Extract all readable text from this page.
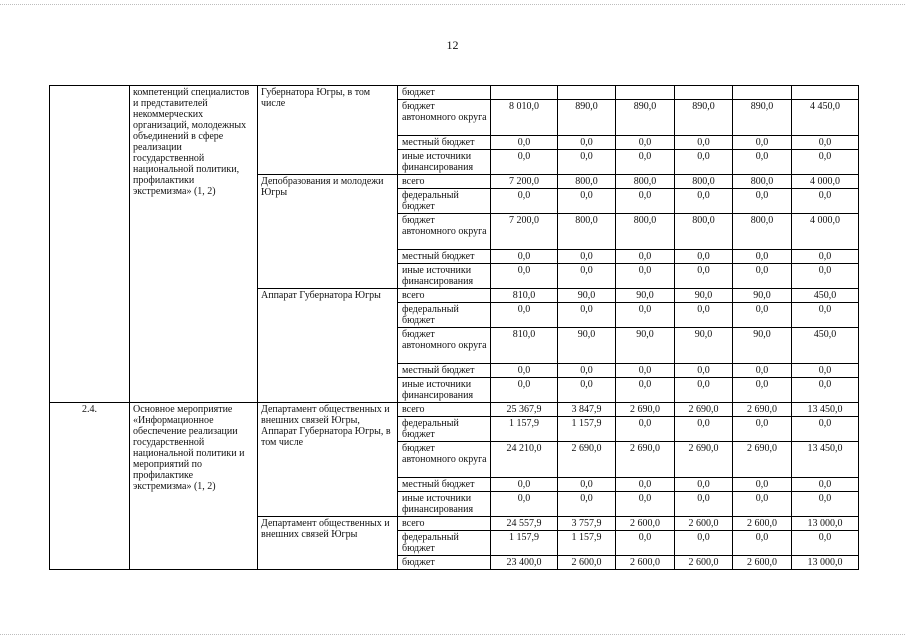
12
	компетенций специалистов и представителей некоммерческих организаций, молодежных объединений в сфере реализации государственной национальной политики, профилактики экстремизма» (1, 2)	Губернатора Югры, в том числе	бюджет						
			бюджет автономного округа	8 010,0	890,0	890,0	890,0	890,0	4 450,0
			местный бюджет	0,0	0,0	0,0	0,0	0,0	0,0
			иные источники финансирования	0,0	0,0	0,0	0,0	0,0	0,0
		Депобразования и молодежи Югры	всего	7 200,0	800,0	800,0	800,0	800,0	4 000,0
			федеральный бюджет	0,0	0,0	0,0	0,0	0,0	0,0
			бюджет автономного округа	7 200,0	800,0	800,0	800,0	800,0	4 000,0
			местный бюджет	0,0	0,0	0,0	0,0	0,0	0,0
			иные источники финансирования	0,0	0,0	0,0	0,0	0,0	0,0
		Аппарат Губернатора Югры	всего	810,0	90,0	90,0	90,0	90,0	450,0
			федеральный бюджет	0,0	0,0	0,0	0,0	0,0	0,0
			бюджет автономного округа	810,0	90,0	90,0	90,0	90,0	450,0
			местный бюджет	0,0	0,0	0,0	0,0	0,0	0,0
			иные источники финансирования	0,0	0,0	0,0	0,0	0,0	0,0
2.4.	Основное мероприятие «Информационное обеспечение реализации государственной национальной политики и мероприятий по профилактике экстремизма» (1, 2)	Департамент общественных и внешних связей Югры, Аппарат Губернатора Югры, в том числе	всего	25 367,9	3 847,9	2 690,0	2 690,0	2 690,0	13 450,0
			федеральный бюджет	1 157,9	1 157,9	0,0	0,0	0,0	0,0
			бюджет автономного округа	24 210,0	2 690,0	2 690,0	2 690,0	2 690,0	13 450,0
			местный бюджет	0,0	0,0	0,0	0,0	0,0	0,0
			иные источники финансирования	0,0	0,0	0,0	0,0	0,0	0,0
		Департамент общественных и внешних связей Югры	всего	24 557,9	3 757,9	2 600,0	2 600,0	2 600,0	13 000,0
			федеральный бюджет	1 157,9	1 157,9	0,0	0,0	0,0	0,0
			бюджет	23 400,0	2 600,0	2 600,0	2 600,0	2 600,0	13 000,0
